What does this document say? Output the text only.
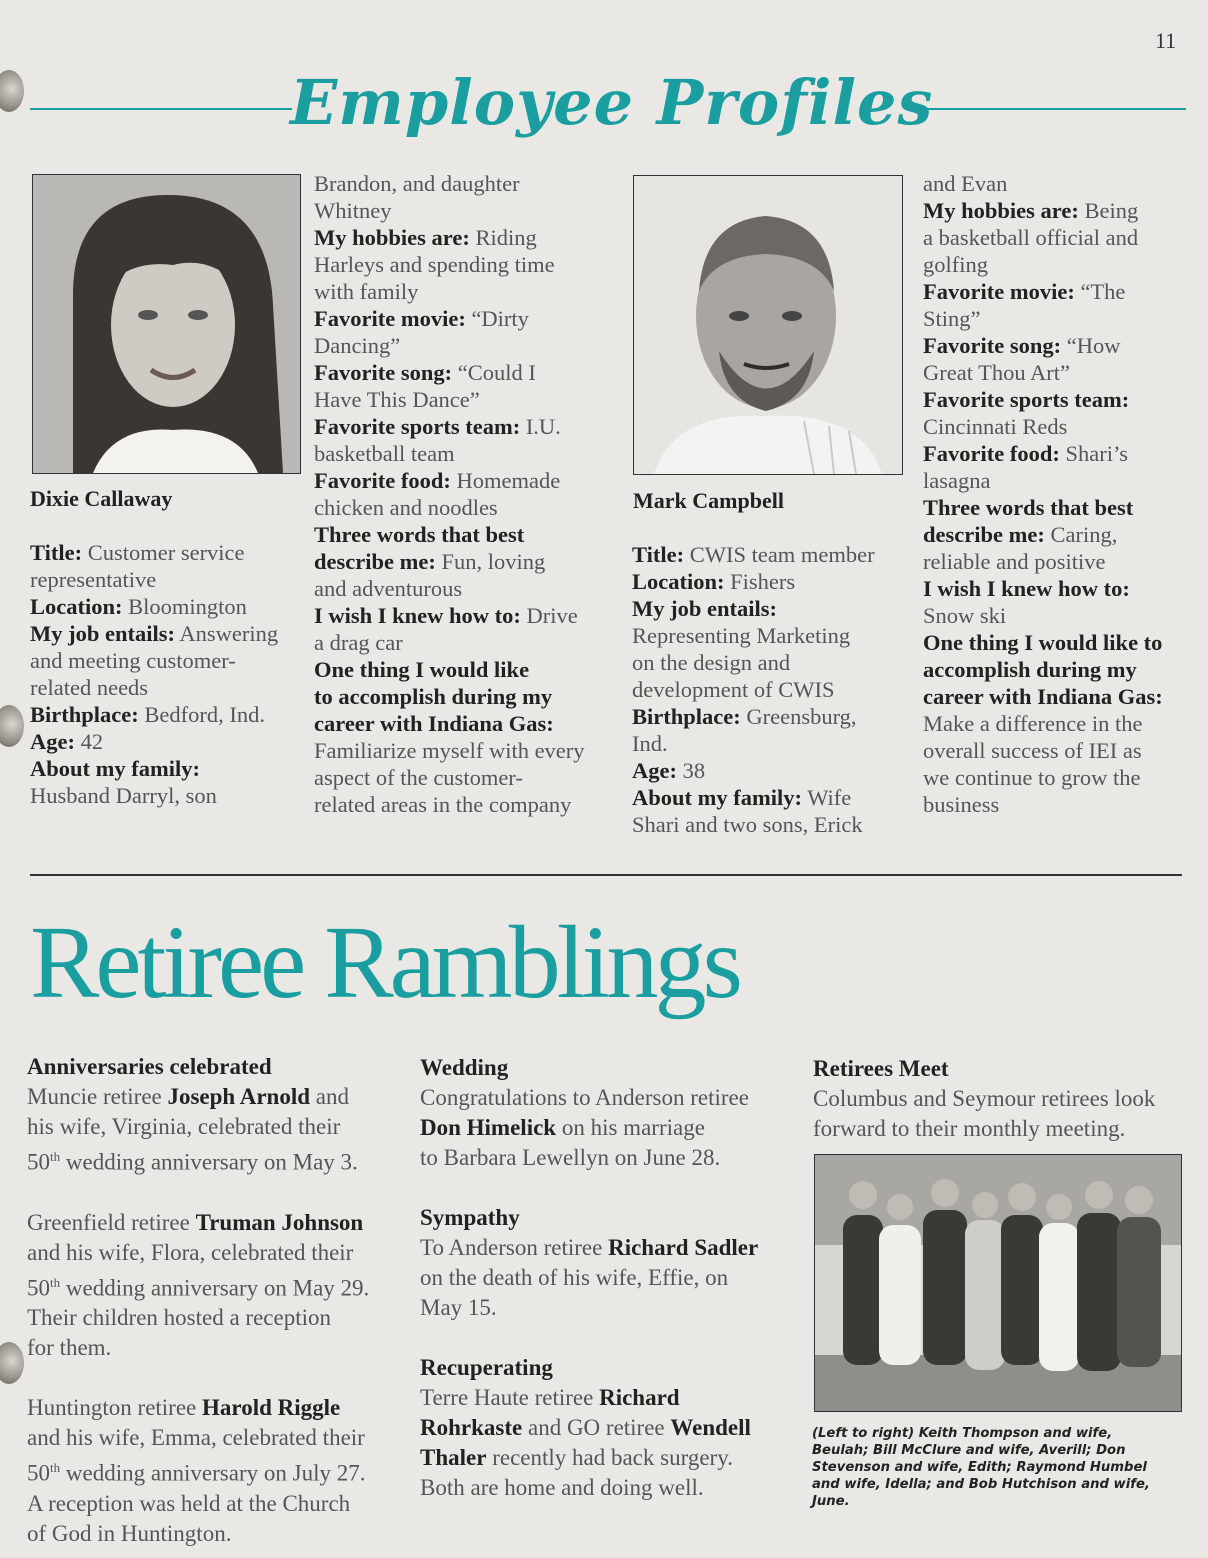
11
Employee Profiles
Dixie Callaway

Title: Customer service
representative
Location: Bloomington
My job entails: Answering
and meeting customer-
related needs
Birthplace: Bedford, Ind.
Age: 42
About my family:
Husband Darryl, son
Brandon, and daughter
Whitney
My hobbies are: Riding
Harleys and spending time
with family
Favorite movie: “Dirty
Dancing”
Favorite song: “Could I
Have This Dance”
Favorite sports team: I.U.
basketball team
Favorite food: Homemade
chicken and noodles
Three words that best
describe me: Fun, loving
and adventurous
I wish I knew how to: Drive
a drag car
One thing I would like
to accomplish during my
career with Indiana Gas:
Familiarize myself with every
aspect of the customer-
related areas in the company
Mark Campbell

Title: CWIS team member
Location: Fishers
My job entails:
Representing Marketing
on the design and
development of CWIS
Birthplace: Greensburg,
Ind.
Age: 38
About my family: Wife
Shari and two sons, Erick
and Evan
My hobbies are: Being
a basketball official and
golfing
Favorite movie: “The
Sting”
Favorite song: “How
Great Thou Art”
Favorite sports team:
Cincinnati Reds
Favorite food: Shari’s
lasagna
Three words that best
describe me: Caring,
reliable and positive
I wish I knew how to:
Snow ski
One thing I would like to
accomplish during my
career with Indiana Gas:
Make a difference in the
overall success of IEI as
we continue to grow the
business
Retiree Ramblings
Anniversaries celebrated
Muncie retiree Joseph Arnold and
his wife, Virginia, celebrated their
50th wedding anniversary on May 3.
Greenfield retiree Truman Johnson
and his wife, Flora, celebrated their
50th wedding anniversary on May 29.
Their children hosted a reception
for them.
Huntington retiree Harold Riggle
and his wife, Emma, celebrated their
50th wedding anniversary on July 27.
A reception was held at the Church
of God in Huntington.
Wedding
Congratulations to Anderson retiree
Don Himelick on his marriage
to Barbara Lewellyn on June 28.
Sympathy
To Anderson retiree Richard Sadler
on the death of his wife, Effie, on
May 15.
Recuperating
Terre Haute retiree Richard
Rohrkaste and GO retiree Wendell
Thaler recently had back surgery.
Both are home and doing well.
Retirees Meet
Columbus and Seymour retirees look
forward to their monthly meeting.
(Left to right) Keith Thompson and wife,
Beulah; Bill McClure and wife, Averill; Don
Stevenson and wife, Edith; Raymond Humbel
and wife, Idella; and Bob Hutchison and wife,
June.
